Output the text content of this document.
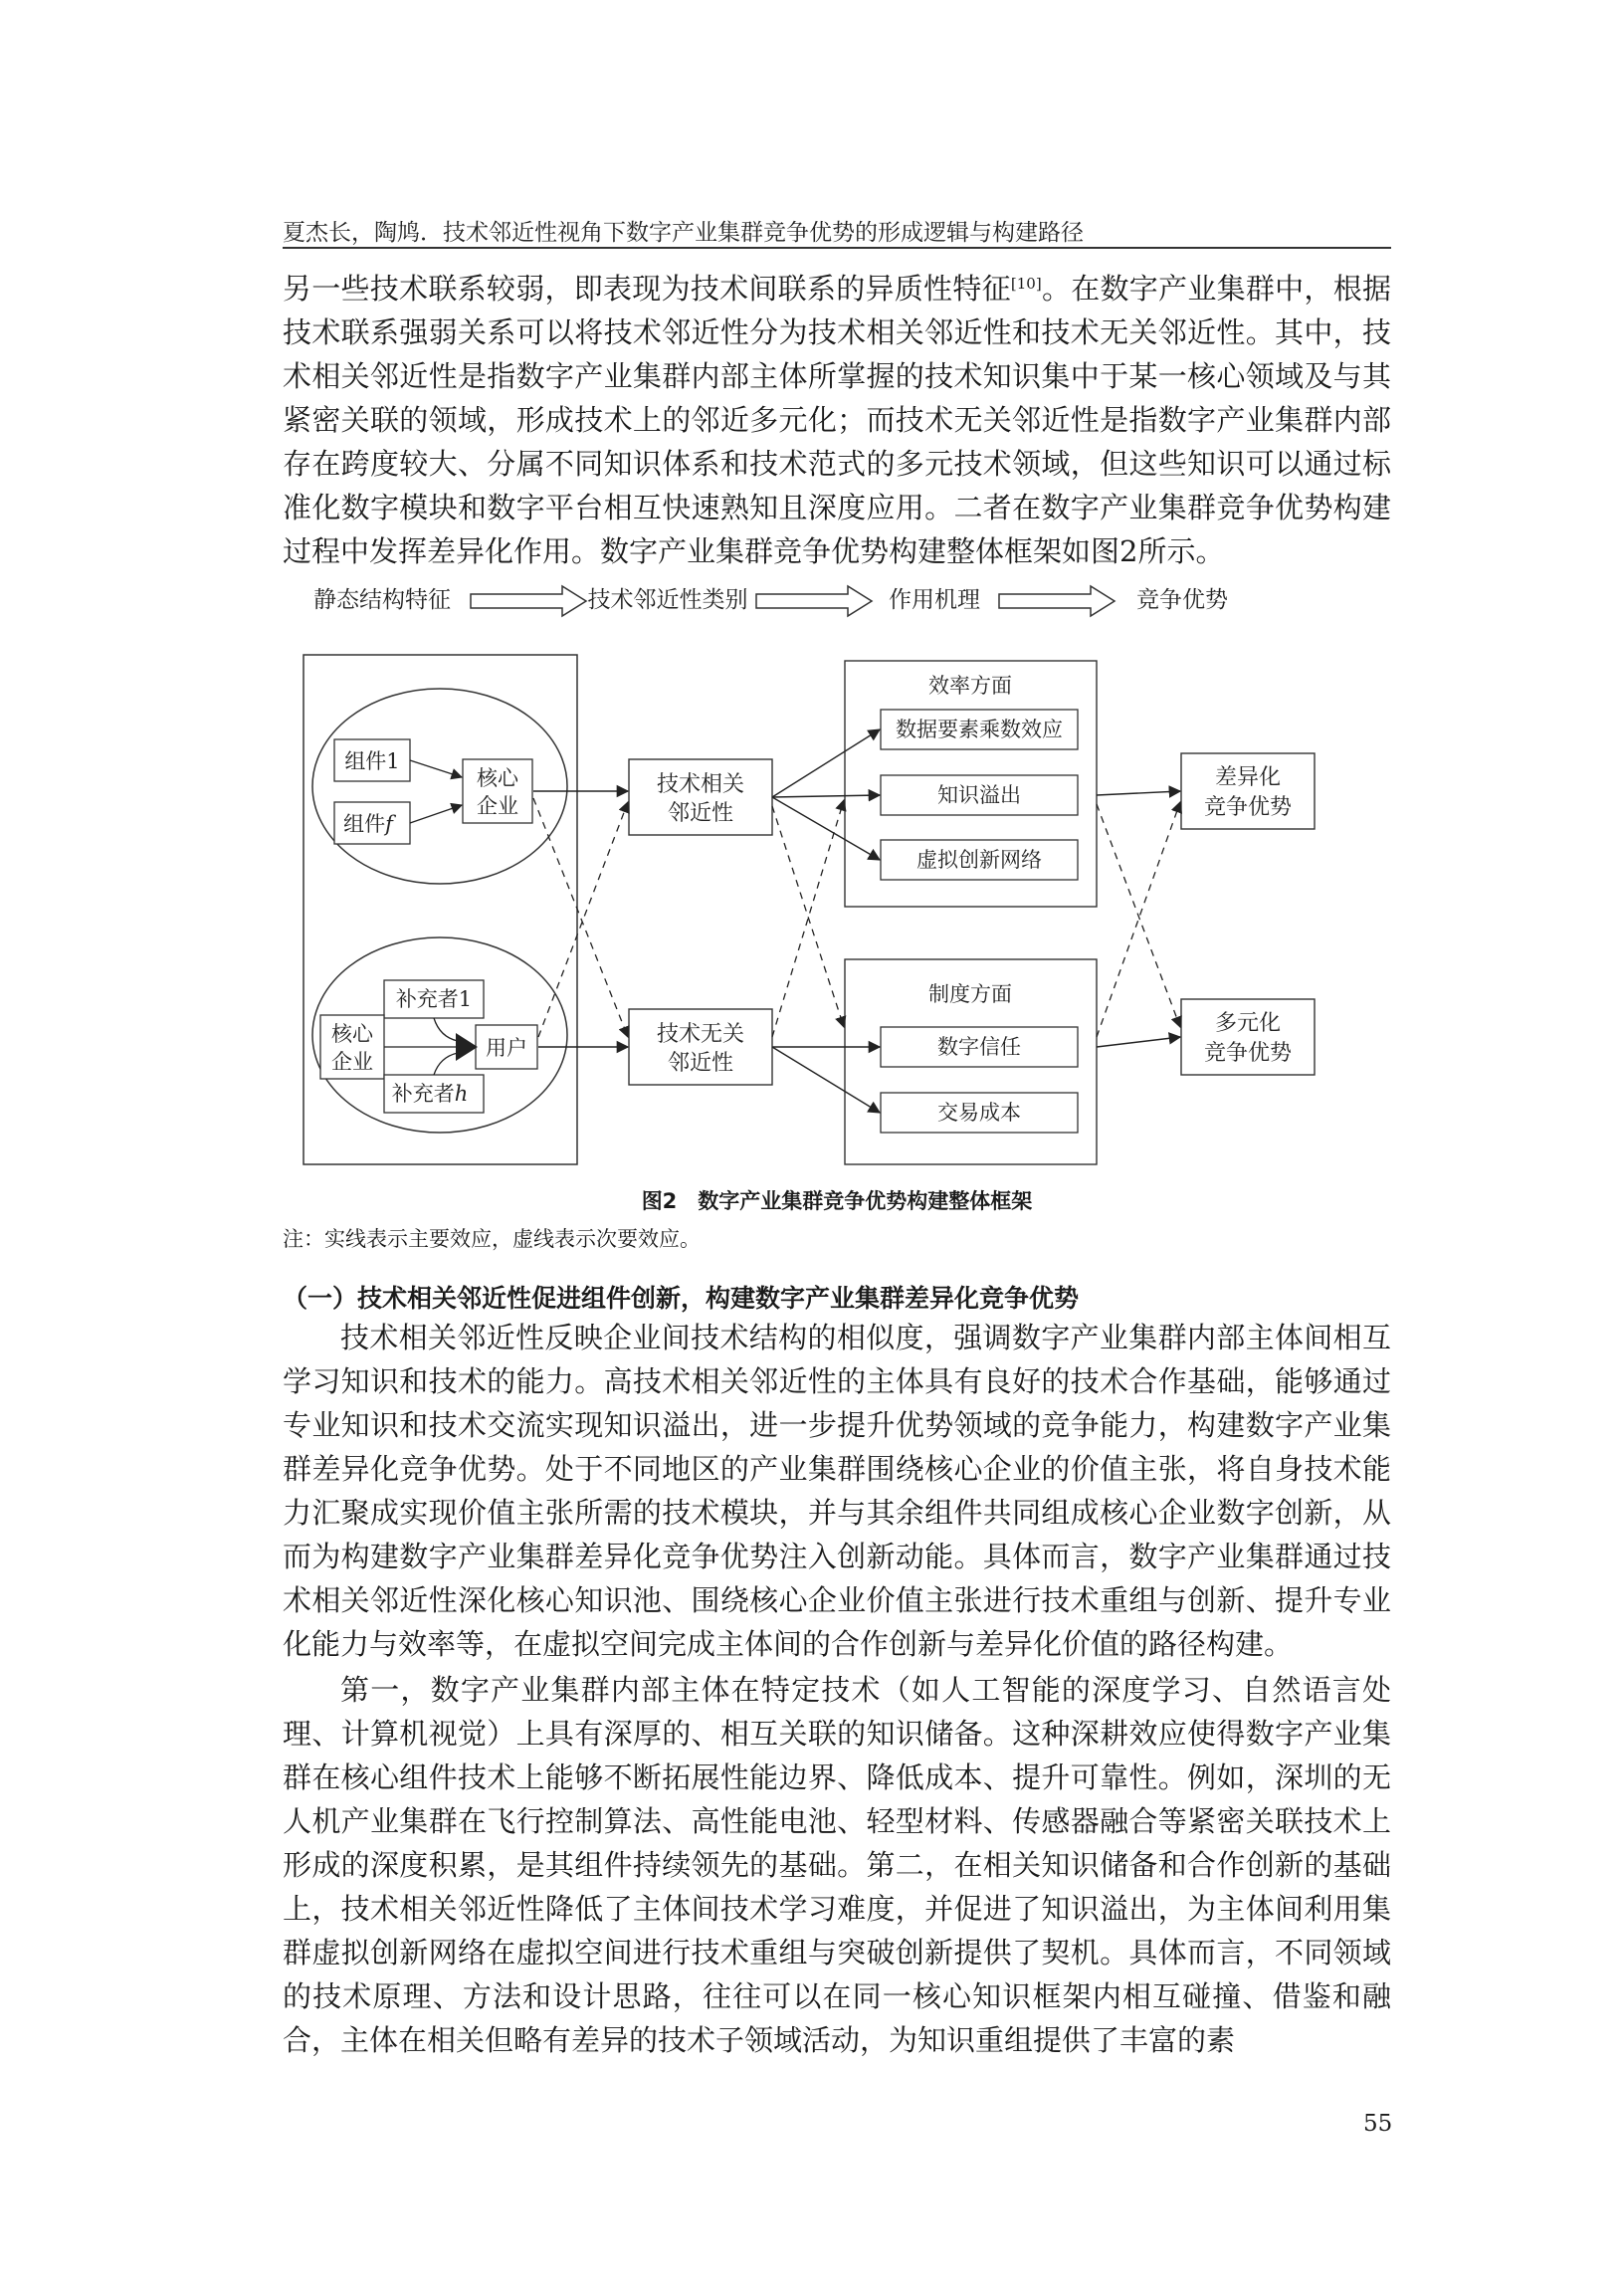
夏杰长，陶鸠．技术邻近性视角下数字产业集群竞争优势的形成逻辑与构建路径

另一些技术联系较弱，即表现为技术间联系的异质性特征[10]。在数字产业集群中，根据技术联系强弱关系可以将技术邻近性分为技术相关邻近性和技术无关邻近性。其中，技术相关邻近性是指数字产业集群内部主体所掌握的技术知识集中于某一核心领域及与其紧密关联的领域，形成技术上的邻近多元化；而技术无关邻近性是指数字产业集群内部存在跨度较大、分属不同知识体系和技术范式的多元技术领域，但这些知识可以通过标准化数字模块和数字平台相互快速熟知且深度应用。二者在数字产业集群竞争优势构建过程中发挥差异化作用。数字产业集群竞争优势构建整体框架如图2所示。

静态结构特征	技术邻近性类别	作用机理	竞争优势
组件1
组件f
核心
企业
补充者1
核心
企业
补充者h
用户
技术相关
邻近性
技术无关
邻近性
效率方面
数据要素乘数效应
知识溢出
虚拟创新网络
制度方面
数字信任
交易成本
差异化
竞争优势
多元化
竞争优势
图2　数字产业集群竞争优势构建整体框架
注：实线表示主要效应，虚线表示次要效应。
（一）技术相关邻近性促进组件创新，构建数字产业集群差异化竞争优势

技术相关邻近性反映企业间技术结构的相似度，强调数字产业集群内部主体间相互学习知识和技术的能力。高技术相关邻近性的主体具有良好的技术合作基础，能够通过专业知识和技术交流实现知识溢出，进一步提升优势领域的竞争能力，构建数字产业集群差异化竞争优势。处于不同地区的产业集群围绕核心企业的价值主张，将自身技术能力汇聚成实现价值主张所需的技术模块，并与其余组件共同组成核心企业数字创新，从而为构建数字产业集群差异化竞争优势注入创新动能。具体而言，数字产业集群通过技术相关邻近性深化核心知识池、围绕核心企业价值主张进行技术重组与创新、提升专业化能力与效率等，在虚拟空间完成主体间的合作创新与差异化价值的路径构建。

第一，数字产业集群内部主体在特定技术（如人工智能的深度学习、自然语言处理、计算机视觉）上具有深厚的、相互关联的知识储备。这种深耕效应使得数字产业集群在核心组件技术上能够不断拓展性能边界、降低成本、提升可靠性。例如，深圳的无人机产业集群在飞行控制算法、高性能电池、轻型材料、传感器融合等紧密关联技术上形成的深度积累，是其组件持续领先的基础。第二，在相关知识储备和合作创新的基础上，技术相关邻近性降低了主体间技术学习难度，并促进了知识溢出，为主体间利用集群虚拟创新网络在虚拟空间进行技术重组与突破创新提供了契机。具体而言，不同领域的技术原理、方法和设计思路，往往可以在同一核心知识框架内相互碰撞、借鉴和融合，主体在相关但略有差异的技术子领域活动，为知识重组提供了丰富的素

55
